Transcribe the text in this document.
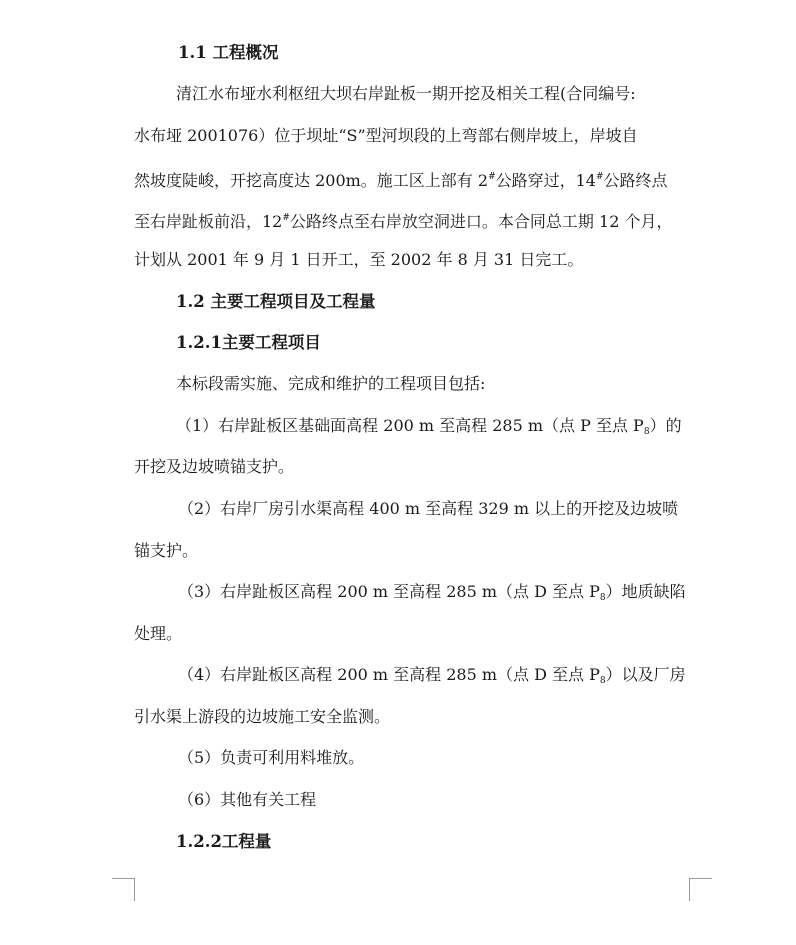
1.1 工程概况
清江水布垭水利枢纽大坝右岸趾板一期开挖及相关工程(合同编号:
水布垭 2001076）位于坝址“S”型河坝段的上弯部右侧岸坡上，岸坡自
然坡度陡峻，开挖高度达 200m。施工区上部有 2#公路穿过，14#公路终点
至右岸趾板前沿，12#公路终点至右岸放空洞进口。本合同总工期 12 个月，
计划从 2001 年 9 月 1 日开工，至 2002 年 8 月 31 日完工。
1.2 主要工程项目及工程量
1.2.1主要工程项目
本标段需实施、完成和维护的工程项目包括:
（1）右岸趾板区基础面高程 200 m 至高程 285 m（点 P 至点 $P_8$）的
开挖及边坡喷锚支护。
（2）右岸厂房引水渠高程 400 m 至高程 329 m 以上的开挖及边坡喷
锚支护。
（3）右岸趾板区高程 200 m 至高程 285 m（点 D 至点 $P_8$）地质缺陷
处理。
（4）右岸趾板区高程 200 m 至高程 285 m（点 D 至点 $P_8$）以及厂房
引水渠上游段的边坡施工安全监测。
（5）负责可利用料堆放。
（6）其他有关工程
1.2.2工程量
